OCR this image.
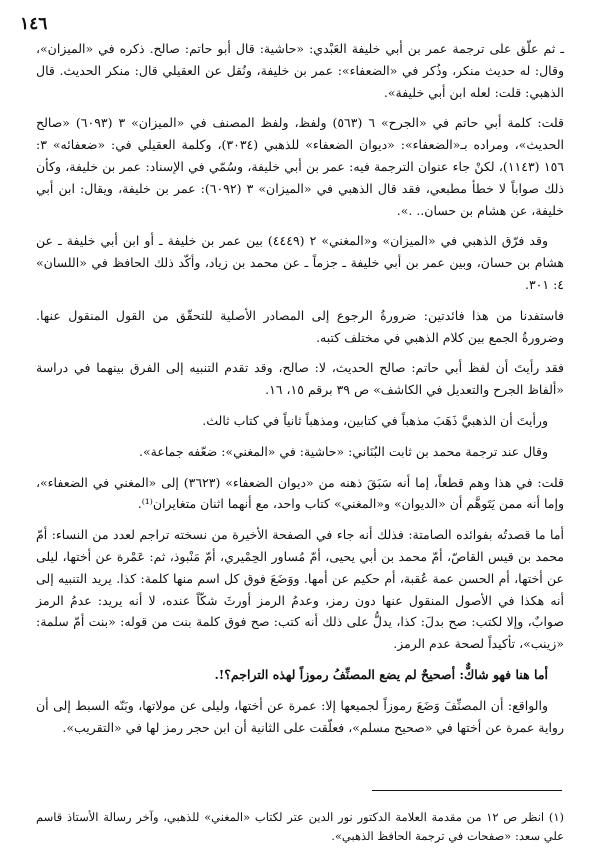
١٤٦

ـ ثم علّق على ترجمة عمر بن أبي خليفة العَبْدي: «حاشية: قال أبو حاتم: صالح. ذكره في «الميزان»، وقال: له حديث منكر، وذُكر في «الضعفاء»: عمر بن خليفة، ونُقل عن العقيلي قال: منكر الحديث. قال الذهبي: قلت: لعله ابن أبي خليفة».

قلت: كلمة أبي حاتم في «الجرح» ٦ (٥٦٣) ولفظ، ولفظ المصنف في «الميزان» ٣ (٦٠٩٣) «صالح الحديث»، ومراده بـ«الضعفاء»: «ديوان الضعفاء» للذهبي (٣٠٣٤)، وكلمة العقيلي في: «ضعفائه» ٣: ١٥٦ (١١٤٣)، لكنْ جاء عنوان الترجمة فيه: عمر بن أبي خليفة، وسُمّي في الإسناد: عمر بن خليفة، وكأن ذلك صواباً لا خطأ مطبعي، فقد قال الذهبي في «الميزان» ٣ (٦٠٩٢): عمر بن خليفة، ويقال: ابن أبي خليفة، عن هشام بن حسان.. .».

وقد فرّق الذهبي في «الميزان» و«المغني» ٢ (٤٤٤٩) بين عمر بن خليفة ـ أو ابن أبي خليفة ـ عن هشام بن حسان، وبين عمر بن أبي خليفة ـ جزماً ـ عن محمد بن زياد، وأكّد ذلك الحافظ في «اللسان» ٤: ٣٠١.

فاستفدنا من هذا فائدتين: ضرورةُ الرجوع إلى المصادر الأصلية للتحقّق من القول المنقول عنها. وضرورةُ الجمع بين كلام الذهبي في مختلف كتبه.

فقد رأيتَ أن لفظ أبي حاتم: صالح الحديث، لا: صالح، وقد تقدم التنبيه إلى الفرق بينهما في دراسة «ألفاظ الجرح والتعديل في الكاشف» ص ٣٩ برقم ١٥، ١٦.

ورأيتَ أن الذهبيَّ ذَهَبَ مذهباً في كتابين، ومذهباً ثانياً في كتاب ثالث.

وقال عند ترجمة محمد بن ثابت البُنَاني: «حاشية: في «المغني»: ضعّفه جماعة».

قلت: في هذا وهم قطعاً، إما أنه سَبَقَ ذهنه من «ديوان الضعفاء» (٣٦٢٣) إلى «المغني في الضعفاء»، وإما أنه ممن يَتَوهَّم أن «الديوان» و«المغني» كتاب واحد، مع أنهما اثنان متغايران⁽¹⁾.

أما ما قصدتُه بفوائده الصامتة: فذلك أنه جاء في الصفحة الأخيرة من نسخته تراجم لعدد من النساء: أمّ محمد بن قيس القاصّ، أمّ محمد بن أبي يحيى، أمّ مُساور الحِمْيري، أمّ مَنْبوذ، ثم: عَمْرة عن أختها، ليلى عن أختها، أم الحسن عمة عُقبة، أم حكيم عن أمها. ووَضَعَ فوق كل اسم منها كلمة: كذا. يريد التنبيه إلى أنه هكذا في الأصول المنقول عنها دون رمز، وعدمُ الرمز أورثَ شكّاً عنده، لا أنه يريد: عدمُ الرمز صوابٌ، وإلا لكتب: صح بدلَ: كذا، يدلُّ على ذلك أنه كتب: صح فوق كلمة بنت من قوله: «بنت أمّ سلمة: «زينب»، تأكيداً لصحة عدم الرمز.

أما هنا فهو شاكٌّ: أصحيحٌ لم يضع المصنِّفُ رموزاً لهذه التراجم؟!.

والواقع: أن المصنِّفَ وَضَعَ رموزاً لجميعها إلا: عمرة عن أختها، وليلى عن مولاتها، وبَنّه السبط إلى أن رواية عمرة عن أختها في «صحيح مسلم»، فعلّقت على الثانية أن ابن حجر رمز لها في «التقريب».

(١) انظر ص ١٢ من مقدمة العلامة الدكتور نور الدين عتر لكتاب «المغني» للذهبي، وآخر رسالة الأستاذ قاسم علي سعد: «صفحات في ترجمة الحافظ الذهبي».
